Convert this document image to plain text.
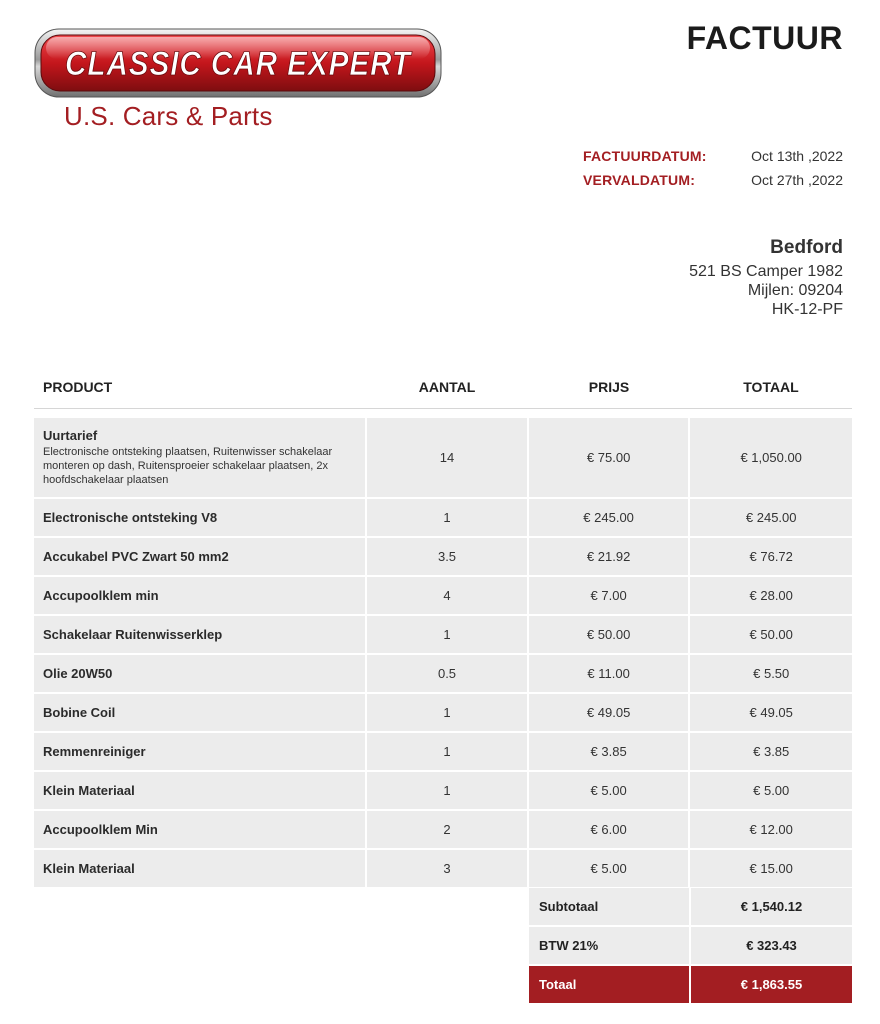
CLASSIC CAR EXPERT
U.S. Cars & Parts
FACTUUR
FACTUURDATUM:	Oct 13th ,2022
VERVALDATUM:	Oct 27th ,2022
Bedford
521 BS Camper 1982
Mijlen: 09204
HK-12-PF
PRODUCT	AANTAL	PRIJS	TOTAAL
Uurtarief
Electronische ontsteking plaatsen, Ruitenwisser schakelaar monteren op dash, Ruitensproeier schakelaar plaatsen, 2x hoofdschakelaar plaatsen
14	€ 75.00	€ 1,050.00
Electronische ontsteking V8	1	€ 245.00	€ 245.00
Accukabel PVC Zwart 50 mm2	3.5	€ 21.92	€ 76.72
Accupoolklem min	4	€ 7.00	€ 28.00
Schakelaar Ruitenwisserklep	1	€ 50.00	€ 50.00
Olie 20W50	0.5	€ 11.00	€ 5.50
Bobine Coil	1	€ 49.05	€ 49.05
Remmenreiniger	1	€ 3.85	€ 3.85
Klein Materiaal	1	€ 5.00	€ 5.00
Accupoolklem Min	2	€ 6.00	€ 12.00
Klein Materiaal	3	€ 5.00	€ 15.00
Subtotaal	€ 1,540.12
BTW 21%	€ 323.43
Totaal	€ 1,863.55
